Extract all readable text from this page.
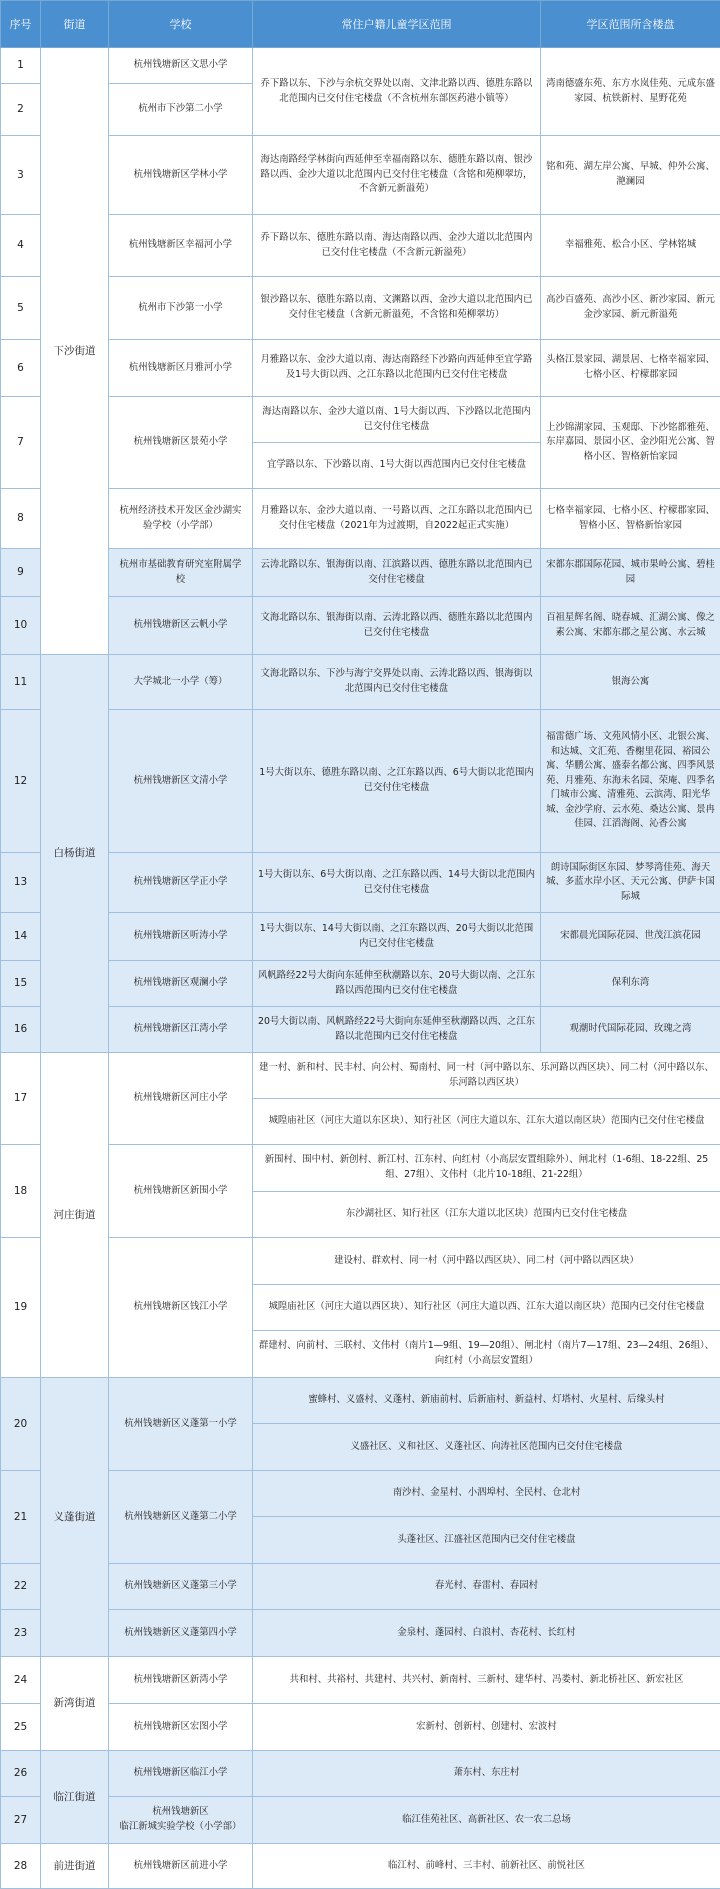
序号	街道	学校	常住户籍儿童学区范围	学区范围所含楼盘
1	下沙街道	杭州钱塘新区文思小学	乔下路以东、下沙与余杭交界处以南、文津北路以西、德胜东路以北范围内已交付住宅楼盘（不含杭州东部医药港小镇等）	湾南德盛东苑、东方水岚佳苑、元成东盛家园、杭铁新村、星野花苑
2		杭州市下沙第二小学		
3		杭州钱塘新区学林小学	海达南路经学林街向西延伸至幸福南路以东、德胜东路以南、银沙路以西、金沙大道以北范围内已交付住宅楼盘（含铭和苑柳翠坊，不含新元新溢苑）	铭和苑、湖左岸公寓、早城、仲外公寓、滟澜园
4		杭州钱塘新区幸福河小学	乔下路以东、德胜东路以南、海达南路以西、金沙大道以北范围内已交付住宅楼盘（不含新元新溢苑）	幸福雅苑、松合小区、学林铭城
5		杭州市下沙第一小学	银沙路以东、德胜东路以南、文渊路以西、金沙大道以北范围内已交付住宅楼盘（含新元新溢苑，不含铭和苑柳翠坊）	高沙百盛苑、高沙小区、新沙家园、新元金沙家园、新元新溢苑
6		杭州钱塘新区月雅河小学	月雅路以东、金沙大道以南、海达南路经下沙路向西延伸至宜学路及1号大街以西、之江东路以北范围内已交付住宅楼盘	头格江景家园、湖景居、七格幸福家园、七格小区、柠檬郡家园
7		杭州钱塘新区景苑小学	海达南路以东、金沙大道以南、1号大街以西、下沙路以北范围内已交付住宅楼盘	上沙锦湖家园、玉观邸、下沙铭都雅苑、东岸嘉园、景园小区、金沙阳光公寓、智格小区、智格新怡家园
			宜学路以东、下沙路以南、1号大街以西范围内已交付住宅楼盘	
8		杭州经济技术开发区金沙湖实验学校（小学部）	月雅路以东、金沙大道以南、一号路以西、之江东路以北范围内已交付住宅楼盘（2021年为过渡期，自2022起正式实施）	七格幸福家园、七格小区、柠檬郡家园、智格小区、智格新怡家园
9		杭州市基础教育研究室附属学校	云涛北路以东、银海街以南、江滨路以西、德胜东路以北范围内已交付住宅楼盘	宋都东郡国际花园、城市果岭公寓、碧桂园
10		杭州钱塘新区云帆小学	文海北路以东、银海街以南、云涛北路以西、德胜东路以北范围内已交付住宅楼盘	百祖星辉名阁、晓春城、汇湖公寓、像之素公寓、宋都东郡之星公寓、水云城
11	白杨街道	大学城北一小学（筹）	文海北路以东、下沙与海宁交界处以南、云涛北路以西、银海街以北范围内已交付住宅楼盘	银海公寓
12		杭州钱塘新区文清小学	1号大街以东、德胜东路以南、之江东路以西、6号大街以北范围内已交付住宅楼盘	福雷德广场、文苑风情小区、北银公寓、和达城、文汇苑、香榭里花园、裕园公寓、华鹏公寓、盛泰名都公寓、四季风景苑、月雅苑、东海未名园、荣庵、四季名门城市公寓、清雅苑、云滨湾、阳光华城、金沙学府、云水苑、桑达公寓、景冉佳园、江滔海阁、沁香公寓
13		杭州钱塘新区学正小学	1号大街以东、6号大街以南、之江东路以西、14号大街以北范围内已交付住宅楼盘	朗诗国际街区东园、梦琴湾佳苑、海天城、多蓝水岸小区、天元公寓、伊萨卡国际城
14		杭州钱塘新区听涛小学	1号大街以东、14号大街以南、之江东路以西、20号大街以北范围内已交付住宅楼盘	宋都晨光国际花园、世茂江滨花园
15		杭州钱塘新区观澜小学	风帆路经22号大街向东延伸至秋潮路以东、20号大街以南、之江东路以西范围内已交付住宅楼盘	保利东湾
16		杭州钱塘新区江湾小学	20号大街以南、风帆路经22号大街向东延伸至秋潮路以西、之江东路以北范围内已交付住宅楼盘	观潮时代国际花园、玫瑰之湾
17	河庄街道	杭州钱塘新区河庄小学	建一村、新和村、民丰村、向公村、蜀南村、同一村（河中路以东、乐河路以西区块）、同二村（河中路以东、乐河路以西区块）	
			城隍庙社区（河庄大道以东区块）、知行社区（河庄大道以东、江东大道以南区块）范围内已交付住宅楼盘	
18		杭州钱塘新区新围小学	新围村、围中村、新创村、新江村、江东村、向红村（小高层安置组除外）、闸北村（1-6组、18-22组、25组、27组）、文伟村（北片10-18组、21-22组）	
			东沙湖社区、知行社区（江东大道以北区块）范围内已交付住宅楼盘	
19		杭州钱塘新区钱江小学	建设村、群欢村、同一村（河中路以西区块）、同二村（河中路以西区块）	
			城隍庙社区（河庄大道以西区块）、知行社区（河庄大道以西、江东大道以南区块）范围内已交付住宅楼盘	
			群建村、向前村、三联村、文伟村（南片1—9组、19—20组）、闸北村（南片7—17组、23—24组、26组）、向红村（小高层安置组）	
20	义蓬街道	杭州钱塘新区义蓬第一小学	蜜蜂村、义盛村、义蓬村、新庙前村、后新庙村、新益村、灯塔村、火星村、后缘头村	
			义盛社区、义和社区、义蓬社区、向涛社区范围内已交付住宅楼盘	
21		杭州钱塘新区义蓬第二小学	南沙村、金星村、小泗埠村、全民村、仓北村	
			头蓬社区、江盛社区范围内已交付住宅楼盘	
22		杭州钱塘新区义蓬第三小学	春光村、春雷村、春园村	
23		杭州钱塘新区义蓬第四小学	金泉村、蓬园村、白浪村、杏花村、长红村	
24	新湾街道	杭州钱塘新区新湾小学	共和村、共裕村、共建村、共兴村、新南村、三新村、建华村、冯娄村、新北桥社区、新宏社区	
25		杭州钱塘新区宏图小学	宏新村、创新村、创建村、宏波村	
26	临江街道	杭州钱塘新区临江小学	萧东村、东庄村	
27		杭州钱塘新区
临江新城实验学校（小学部）	临江佳苑社区、高新社区、农一农二总场	
28	前进街道	杭州钱塘新区前进小学	临江村、前峰村、三丰村、前新社区、前悦社区	
